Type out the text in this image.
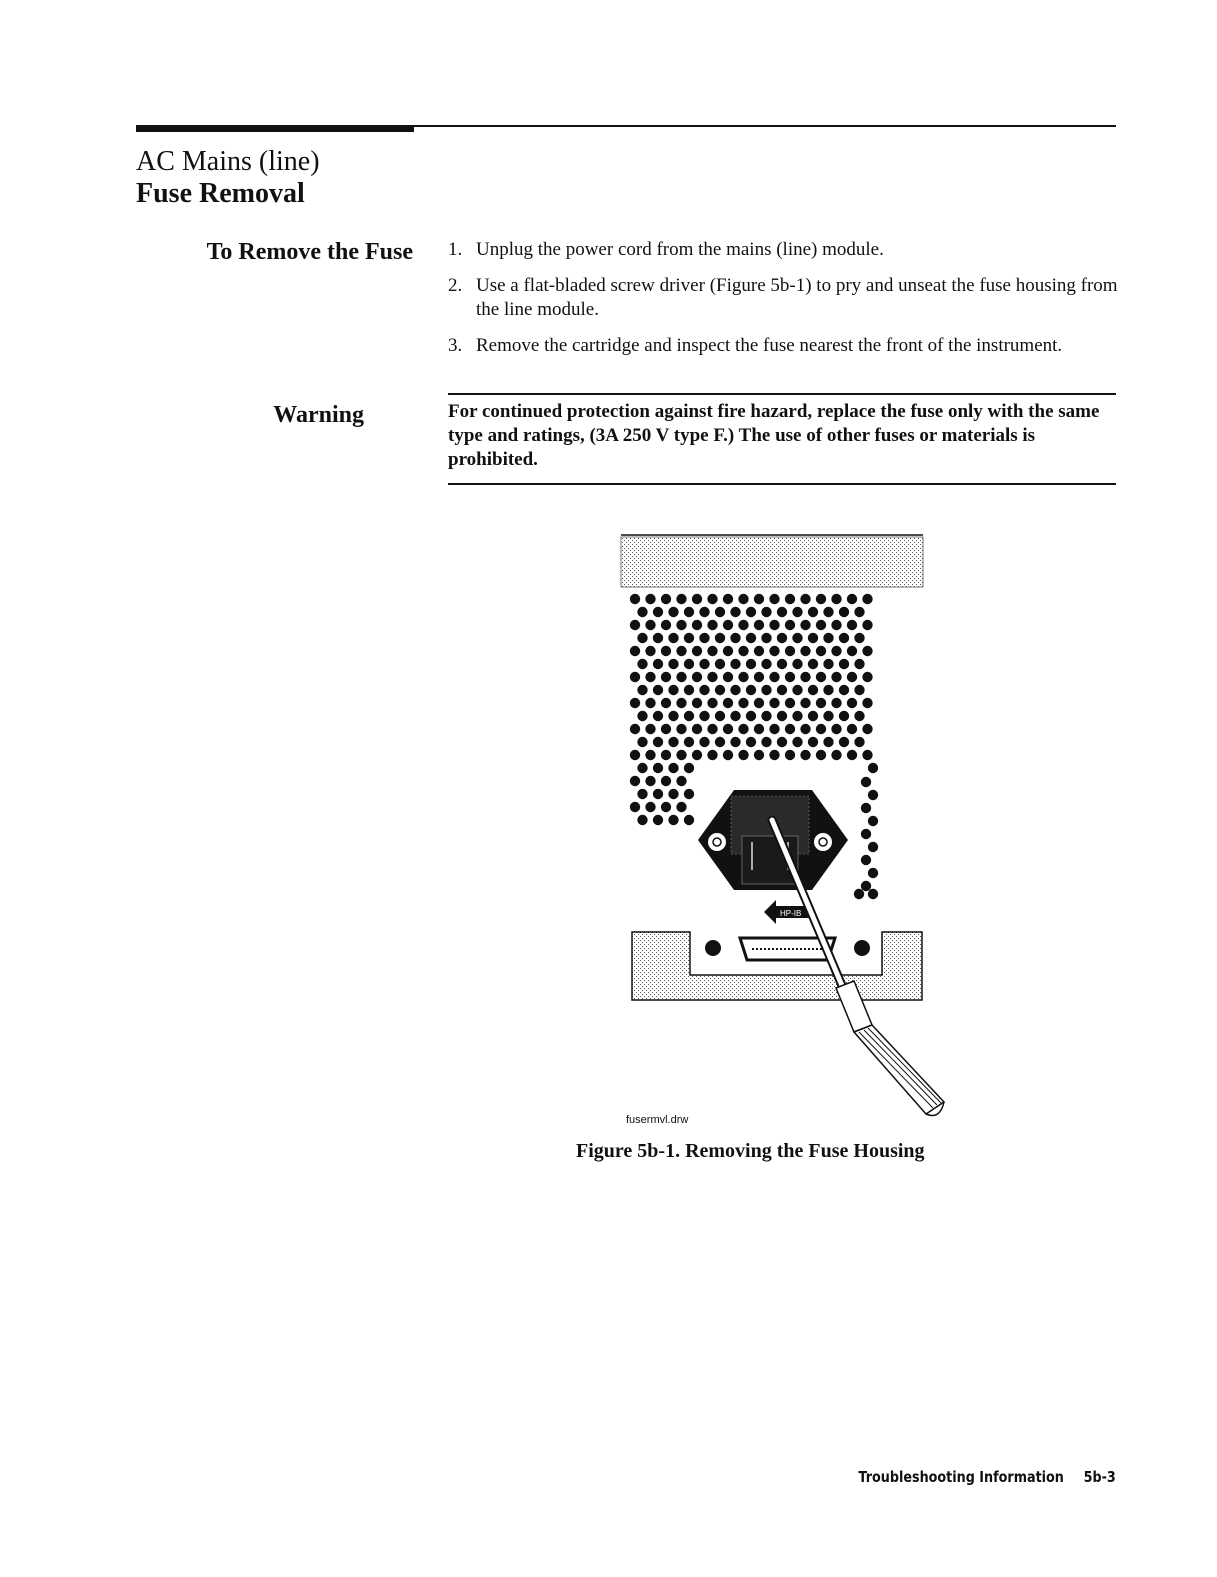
AC Mains (line)
Fuse Removal
To Remove the Fuse 1. Unplug the power cord from the mains (line) module.
2. Use a flat-bladed screw driver (Figure 5b-1) to pry and unseat the fuse housing from the line module.
3. Remove the cartridge and inspect the fuse nearest the front of the instrument.
Warning	For continued protection against fire hazard, replace the fuse only with the same type and ratings, (3A 250 V type F.) The use of other fuses or materials is prohibited.

HP-IB

fusermvl.drw

Figure 5b-1. Removing the Fuse Housing

Troubleshooting Information 5b-3
